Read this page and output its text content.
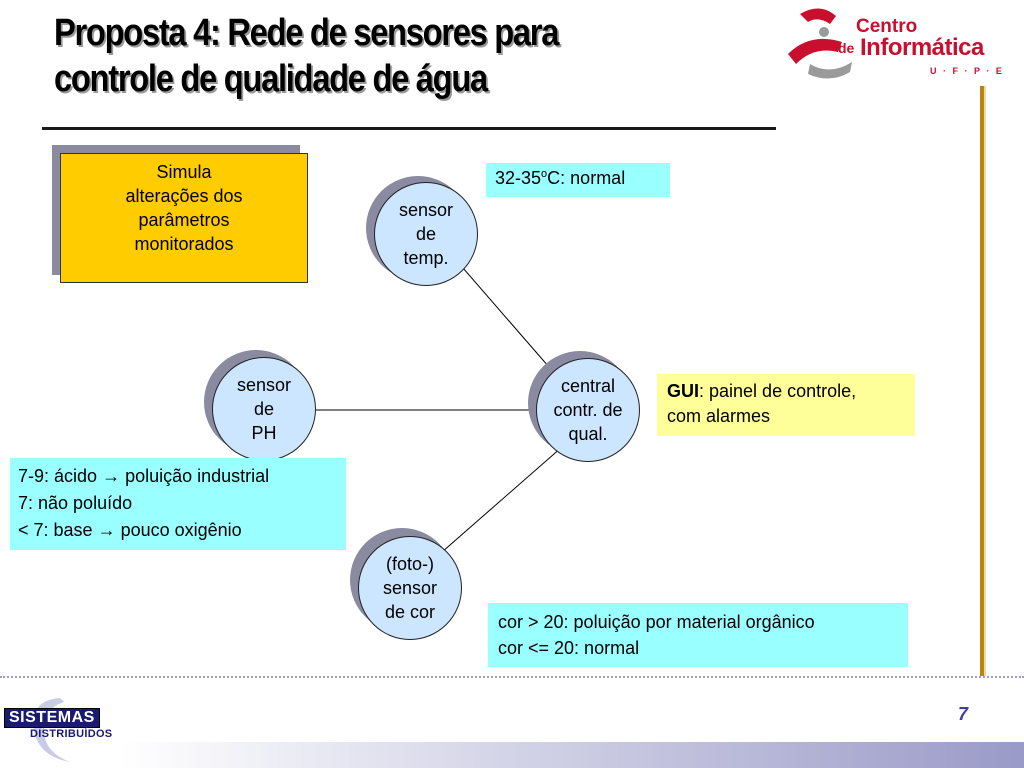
Proposta 4: Rede de sensores para
controle de qualidade de água
Centro
de Informática
U · F · P · E
Simula
alterações dos
parâmetros
monitorados
sensor
de
temp.
sensor
de
PH
central
contr. de
qual.
(foto-)
sensor
de cor
32-35$^o$C: normal
GUI: painel de controle,
com alarmes
7-9: ácido → poluição industrial
7: não poluído
< 7: base → pouco oxigênio
cor > 20: poluição por material orgânico
cor <= 20: normal
7
SISTEMAS
DISTRIBUÍDOS
